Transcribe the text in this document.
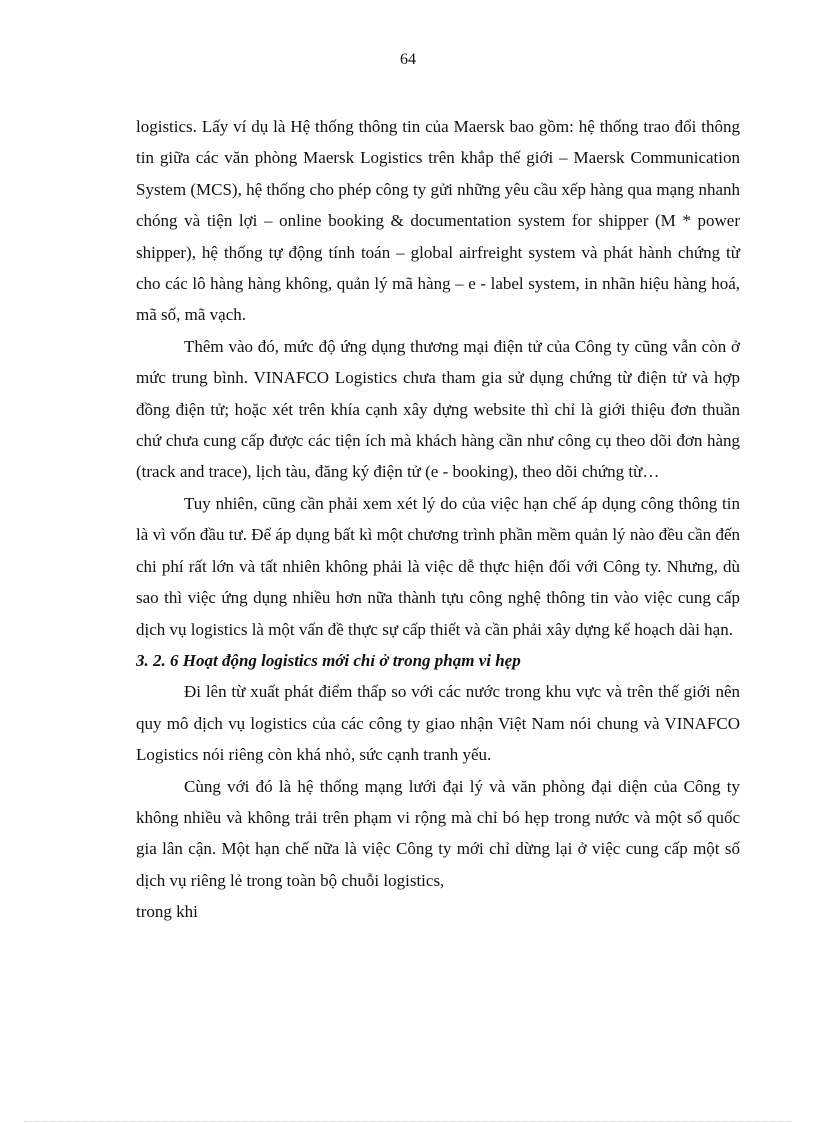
64

logistics. Lấy ví dụ là Hệ thống thông tin của Maersk bao gồm: hệ thống trao đổi thông tin giữa các văn phòng Maersk Logistics trên khắp thế giới – Maersk Communication System (MCS), hệ thống cho phép công ty gửi những yêu cầu xếp hàng qua mạng nhanh chóng và tiện lợi – online booking & documentation system for shipper (M * power shipper), hệ thống tự động tính toán – global airfreight system và phát hành chứng từ cho các lô hàng hàng không, quản lý mã hàng – e - label system, in nhãn hiệu hàng hoá, mã số, mã vạch.

Thêm vào đó, mức độ ứng dụng thương mại điện tử của Công ty cũng vẫn còn ở mức trung bình. VINAFCO Logistics chưa tham gia sử dụng chứng từ điện tử và hợp đồng điện tử; hoặc xét trên khía cạnh xây dựng website thì chỉ là giới thiệu đơn thuần chứ chưa cung cấp được các tiện ích mà khách hàng cần như công cụ theo dõi đơn hàng (track and trace), lịch tàu, đăng ký điện tử (e - booking), theo dõi chứng từ…

Tuy nhiên, cũng cần phải xem xét lý do của việc hạn chế áp dụng công thông tin là vì vốn đầu tư. Để áp dụng bất kì một chương trình phần mềm quản lý nào đều cần đến chi phí rất lớn và tất nhiên không phải là việc dễ thực hiện đối với Công ty. Nhưng, dù sao thì việc ứng dụng nhiều hơn nữa thành tựu công nghệ thông tin vào việc cung cấp dịch vụ logistics là một vấn đề thực sự cấp thiết và cần phải xây dựng kế hoạch dài hạn.

3. 2. 6 Hoạt động logistics mới chỉ ở trong phạm vi hẹp

Đi lên từ xuất phát điểm thấp so với các nước trong khu vực và trên thế giới nên quy mô dịch vụ logistics của các công ty giao nhận Việt Nam nói chung và VINAFCO Logistics nói riêng còn khá nhỏ, sức cạnh tranh yếu.

Cùng với đó là hệ thống mạng lưới đại lý và văn phòng đại diện của Công ty không nhiều và không trải trên phạm vi rộng mà chỉ bó hẹp trong nước và một số quốc gia lân cận. Một hạn chế nữa là việc Công ty mới chỉ dừng lại ở việc cung cấp một số dịch vụ riêng lẻ trong toàn bộ chuỗi logistics,

trong khi
